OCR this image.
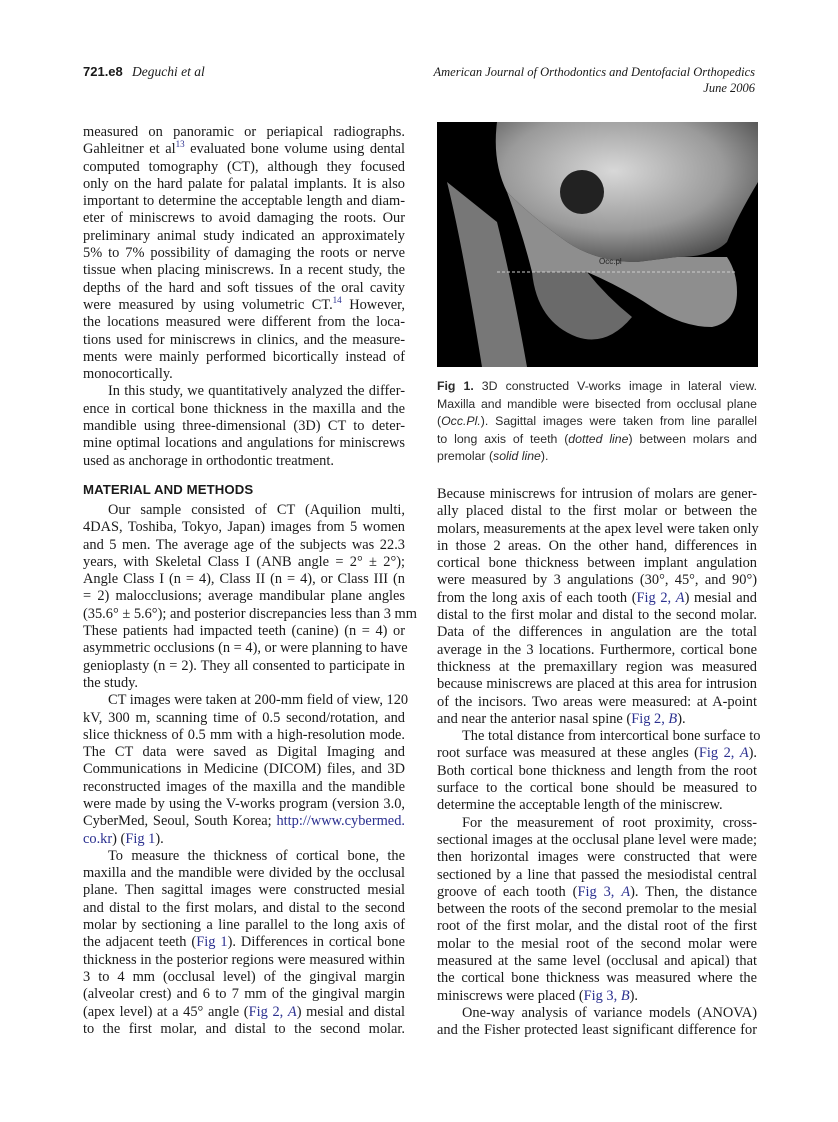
721.e8 Deguchi et al	American Journal of Orthodontics and Dentofacial Orthopedics
June 2006
measured on panoramic or periapical radiographs.
Gahleitner et $al^{13}$ evaluated bone volume using dental
computed tomography (CT), although they focused
only on the hard palate for palatal implants. It is also
important to determine the acceptable length and diam-
eter of miniscrews to avoid damaging the roots. Our
preliminary animal study indicated an approximately
5% to 7% possibility of damaging the roots or nerve
tissue when placing miniscrews. In a recent study, the
depths of the hard and soft tissues of the oral cavity
were measured by using volumetric CT.$^{14}$ However,
the locations measured were different from the loca-
tions used for miniscrews in clinics, and the measure-
ments were mainly performed bicortically instead of
monocortically.
In this study, we quantitatively analyzed the differ-
ence in cortical bone thickness in the maxilla and the
mandible using three-dimensional (3D) CT to deter-
mine optimal locations and angulations for miniscrews
used as anchorage in orthodontic treatment.
MATERIAL AND METHODS
Our sample consisted of CT (Aquilion multi,
4DAS, Toshiba, Tokyo, Japan) images from 5 women
and 5 men. The average age of the subjects was 22.3
years, with Skeletal Class I (ANB angle = 2° ± 2°);
Angle Class I (n = 4), Class II (n = 4), or Class III (n
= 2) malocclusions; average mandibular plane angles
(35.6° ± 5.6°); and posterior discrepancies less than 3 mm
These patients had impacted teeth (canine) (n = 4) or
asymmetric occlusions (n = 4), or were planning to have
genioplasty (n = 2). They all consented to participate in
the study.
CT images were taken at 200-mm field of view, 120
kV, 300 m, scanning time of 0.5 second/rotation, and
slice thickness of 0.5 mm with a high-resolution mode.
The CT data were saved as Digital Imaging and
Communications in Medicine (DICOM) files, and 3D
reconstructed images of the maxilla and the mandible
were made by using the V-works program (version 3.0,
CyberMed, Seoul, South Korea; http://www.cybermed.
co.kr) (Fig 1).
To measure the thickness of cortical bone, the
maxilla and the mandible were divided by the occlusal
plane. Then sagittal images were constructed mesial
and distal to the first molars, and distal to the second
molar by sectioning a line parallel to the long axis of
the adjacent teeth (Fig 1). Differences in cortical bone
thickness in the posterior regions were measured within
3 to 4 mm (occlusal level) of the gingival margin
(alveolar crest) and 6 to 7 mm of the gingival margin
(apex level) at a 45° angle (Fig 2, A) mesial and distal
to the first molar, and distal to the second molar.
Occ.pl
Fig 1. 3D constructed V-works image in lateral view.
Maxilla and mandible were bisected from occlusal plane
(Occ.Pl.). Sagittal images were taken from line parallel
to long axis of teeth (dotted line) between molars and
premolar (solid line).
Because miniscrews for intrusion of molars are gener-
ally placed distal to the first molar or between the
molars, measurements at the apex level were taken only
in those 2 areas. On the other hand, differences in
cortical bone thickness between implant angulation
were measured by 3 angulations (30°, 45°, and 90°)
from the long axis of each tooth (Fig 2, A) mesial and
distal to the first molar and distal to the second molar.
Data of the differences in angulation are the total
average in the 3 locations. Furthermore, cortical bone
thickness at the premaxillary region was measured
because miniscrews are placed at this area for intrusion
of the incisors. Two areas were measured: at A-point
and near the anterior nasal spine (Fig 2, B).
The total distance from intercortical bone surface to
root surface was measured at these angles (Fig 2, A).
Both cortical bone thickness and length from the root
surface to the cortical bone should be measured to
determine the acceptable length of the miniscrew.
For the measurement of root proximity, cross-
sectional images at the occlusal plane level were made;
then horizontal images were constructed that were
sectioned by a line that passed the mesiodistal central
groove of each tooth (Fig 3, A). Then, the distance
between the roots of the second premolar to the mesial
root of the first molar, and the distal root of the first
molar to the mesial root of the second molar were
measured at the same level (occlusal and apical) that
the cortical bone thickness was measured where the
miniscrews were placed (Fig 3, B).
One-way analysis of variance models (ANOVA)
and the Fisher protected least significant difference for
